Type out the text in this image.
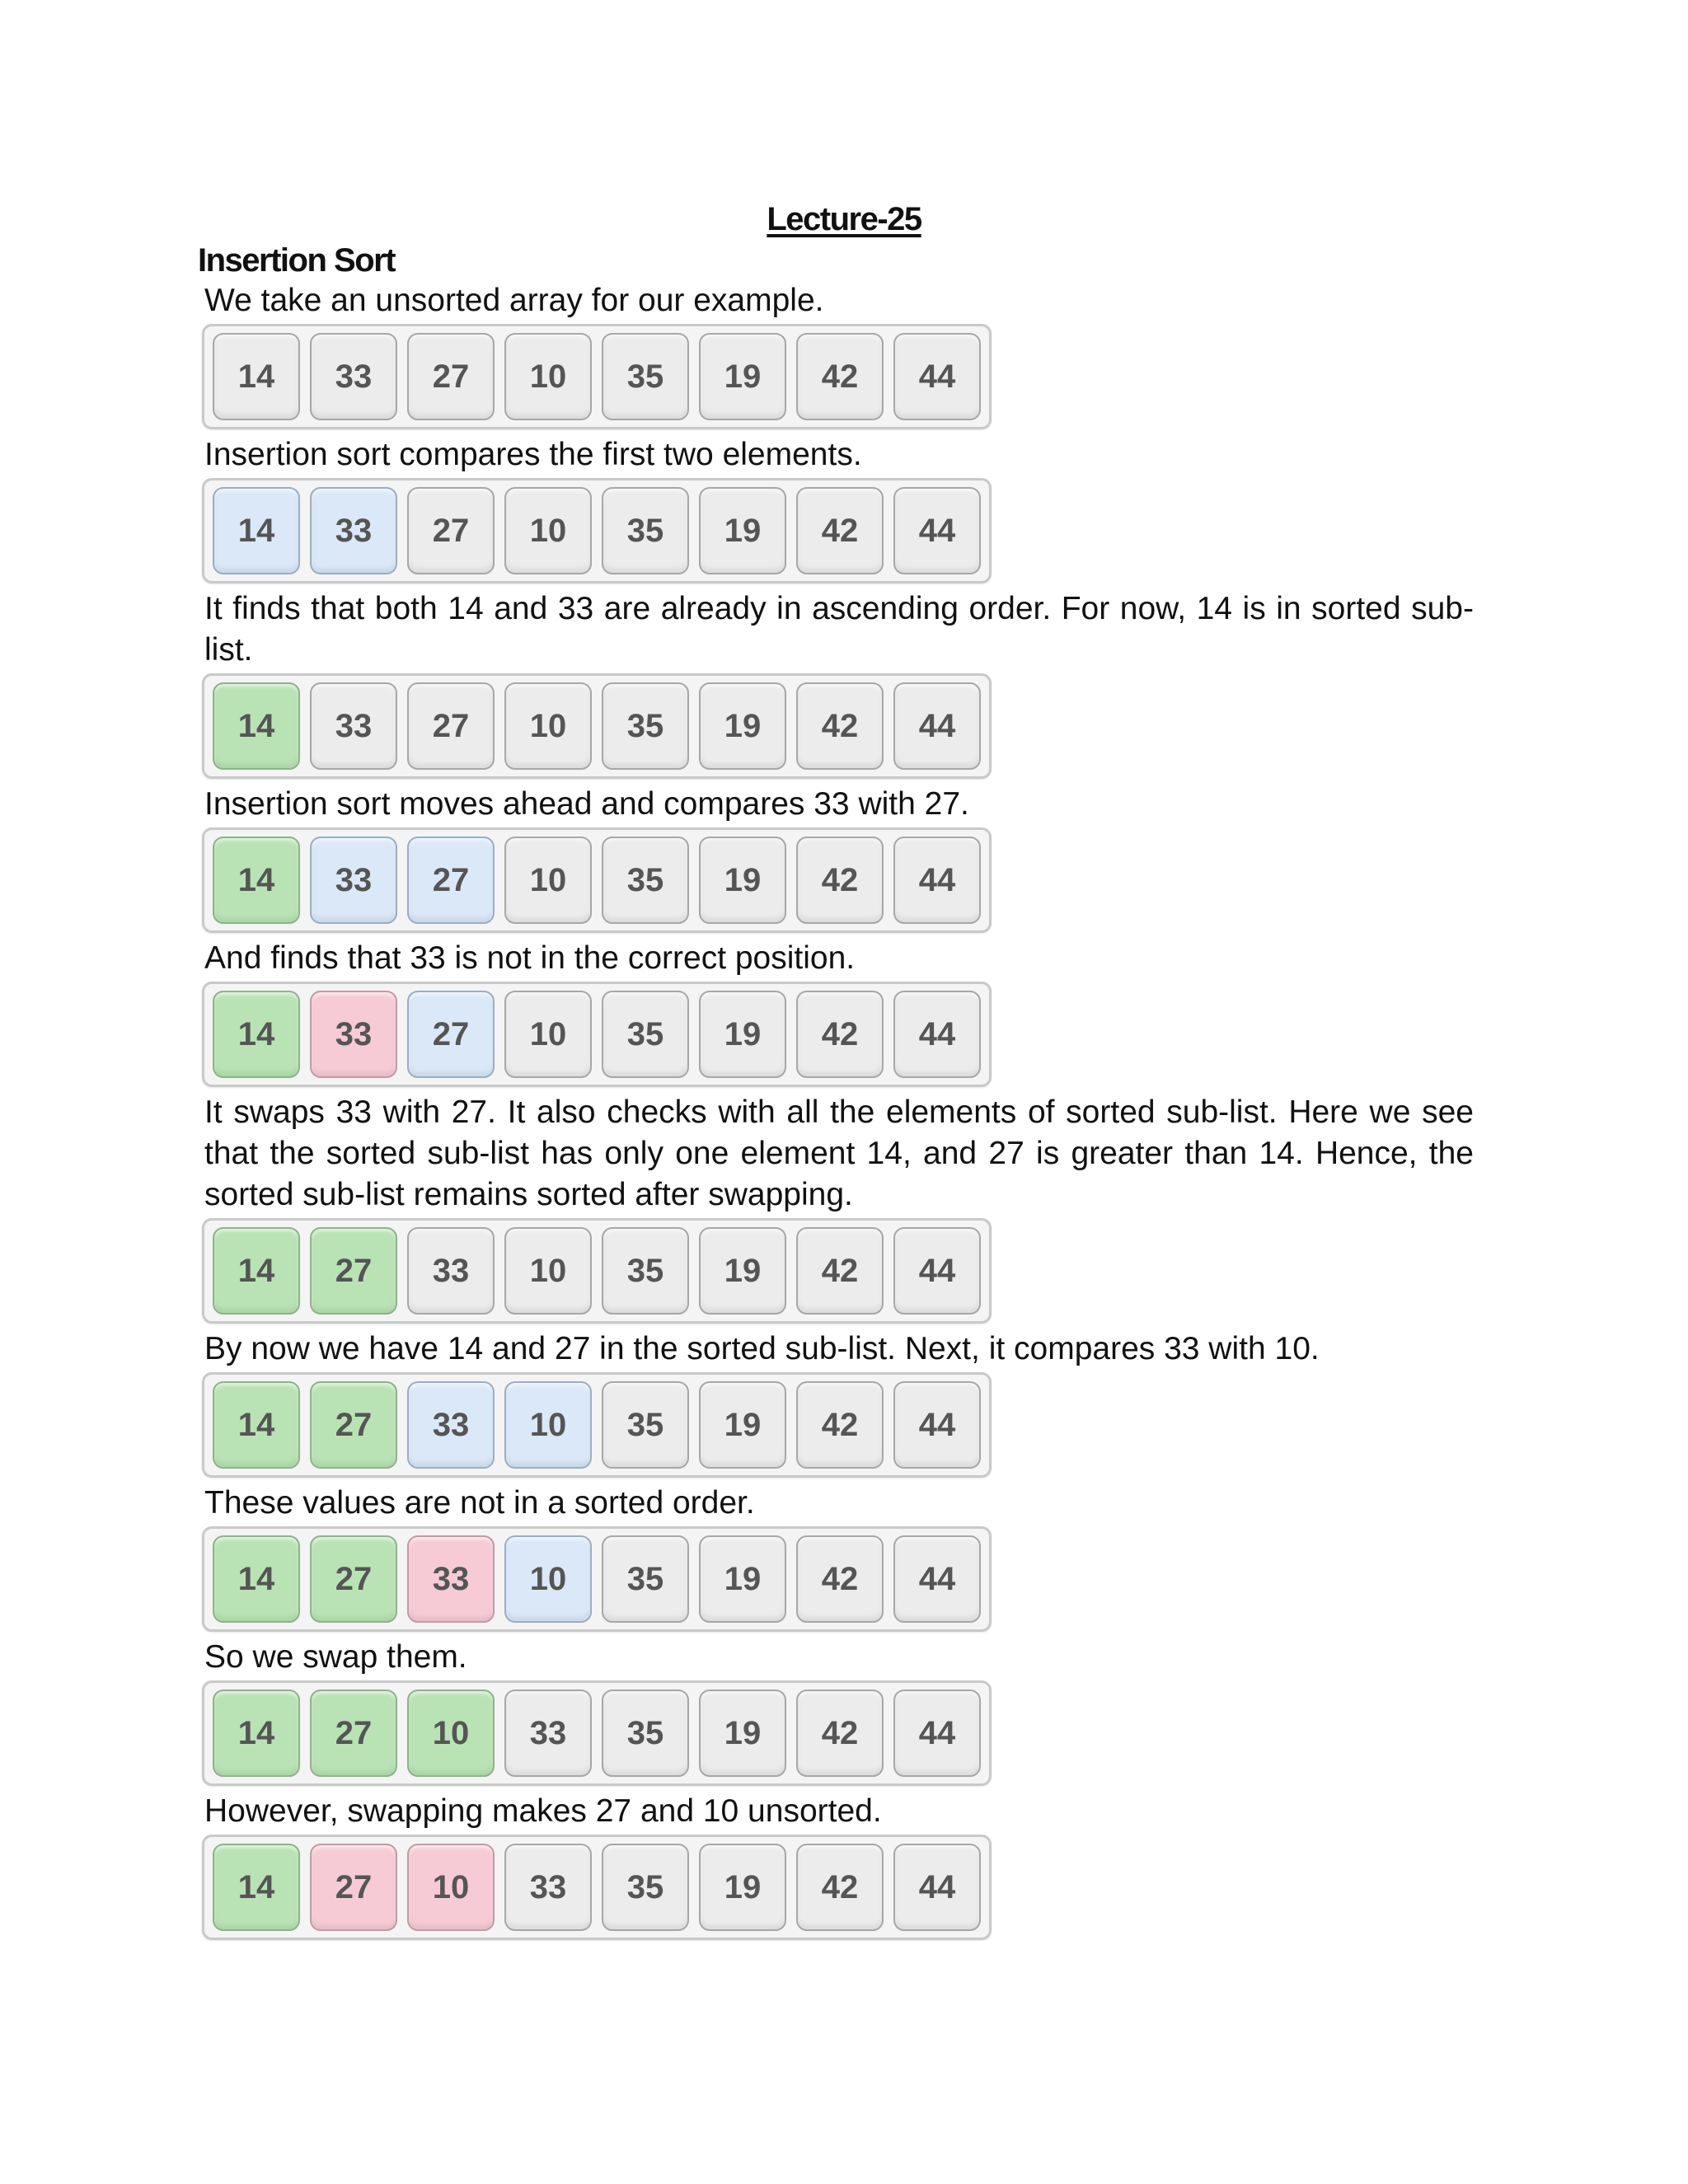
Lecture-25
Insertion Sort

We take an unsorted array for our example.

14	33	27	10	35	19	42	44

Insertion sort compares the first two elements.

14	33	27	10	35	19	42	44

It finds that both 14 and 33 are already in ascending order. For now, 14 is in sorted sub-list.

14	33	27	10	35	19	42	44

Insertion sort moves ahead and compares 33 with 27.

14	33	27	10	35	19	42	44

And finds that 33 is not in the correct position.

14	33	27	10	35	19	42	44

It swaps 33 with 27. It also checks with all the elements of sorted sub-list. Here we see that the sorted sub-list has only one element 14, and 27 is greater than 14. Hence, the sorted sub-list remains sorted after swapping.

14	27	33	10	35	19	42	44

By now we have 14 and 27 in the sorted sub-list. Next, it compares 33 with 10.

14	27	33	10	35	19	42	44

These values are not in a sorted order.

14	27	33	10	35	19	42	44

So we swap them.

14	27	10	33	35	19	42	44

However, swapping makes 27 and 10 unsorted.

14	27	10	33	35	19	42	44
